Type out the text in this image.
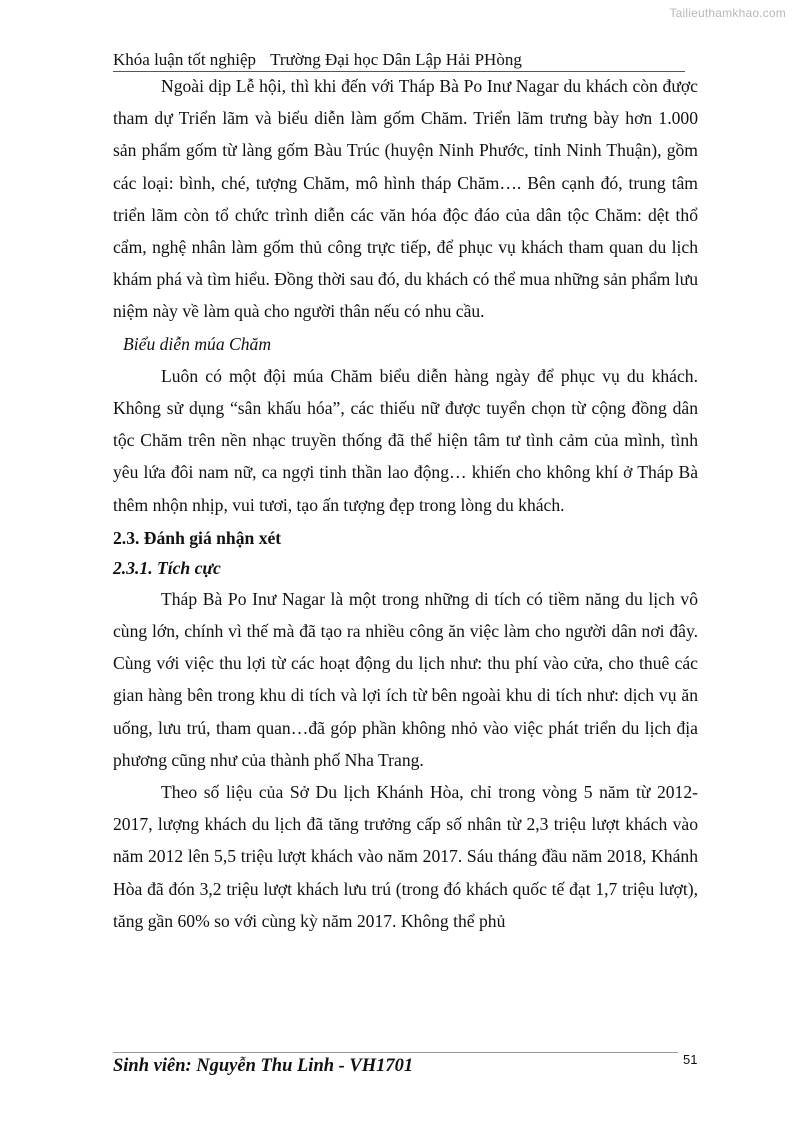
Tailieuthamkhao.com
Khóa luận tốt nghiệp Trường Đại học Dân Lập Hải PHòng

Ngoài dịp Lễ hội, thì khi đến với Tháp Bà Po Inư Nagar du khách còn được tham dự Triển lãm và biểu diễn làm gốm Chăm. Triển lãm trưng bày hơn 1.000 sản phẩm gốm từ làng gốm Bàu Trúc (huyện Ninh Phước, tỉnh Ninh Thuận), gồm các loại: bình, ché, tượng Chăm, mô hình tháp Chăm…. Bên cạnh đó, trung tâm triển lãm còn tổ chức trình diễn các văn hóa độc đáo của dân tộc Chăm: dệt thổ cẩm, nghệ nhân làm gốm thủ công trực tiếp, để phục vụ khách tham quan du lịch khám phá và tìm hiểu. Đồng thời sau đó, du khách có thể mua những sản phẩm lưu niệm này về làm quà cho người thân nếu có nhu cầu.

Biểu diễn múa Chăm

Luôn có một đội múa Chăm biểu diễn hàng ngày để phục vụ du khách. Không sử dụng “sân khấu hóa”, các thiếu nữ được tuyển chọn từ cộng đồng dân tộc Chăm trên nền nhạc truyền thống đã thể hiện tâm tư tình cảm của mình, tình yêu lứa đôi nam nữ, ca ngợi tinh thần lao động… khiến cho không khí ở Tháp Bà thêm nhộn nhịp, vui tươi, tạo ấn tượng đẹp trong lòng du khách.

2.3. Đánh giá nhận xét
2.3.1. Tích cực

Tháp Bà Po Inư Nagar là một trong những di tích có tiềm năng du lịch vô cùng lớn, chính vì thế mà đã tạo ra nhiều công ăn việc làm cho người dân nơi đây. Cùng với việc thu lợi từ các hoạt động du lịch như: thu phí vào cửa, cho thuê các gian hàng bên trong khu di tích và lợi ích từ bên ngoài khu di tích như: dịch vụ ăn uống, lưu trú, tham quan…đã góp phần không nhỏ vào việc phát triển du lịch địa phương cũng như của thành phố Nha Trang.

Theo số liệu của Sở Du lịch Khánh Hòa, chỉ trong vòng 5 năm từ 2012-2017, lượng khách du lịch đã tăng trưởng cấp số nhân từ 2,3 triệu lượt khách vào năm 2012 lên 5,5 triệu lượt khách vào năm 2017. Sáu tháng đầu năm 2018, Khánh Hòa đã đón 3,2 triệu lượt khách lưu trú (trong đó khách quốc tế đạt 1,7 triệu lượt), tăng gần 60% so với cùng kỳ năm 2017. Không thể phủ

Sinh viên: Nguyễn Thu Linh - VH1701	51
